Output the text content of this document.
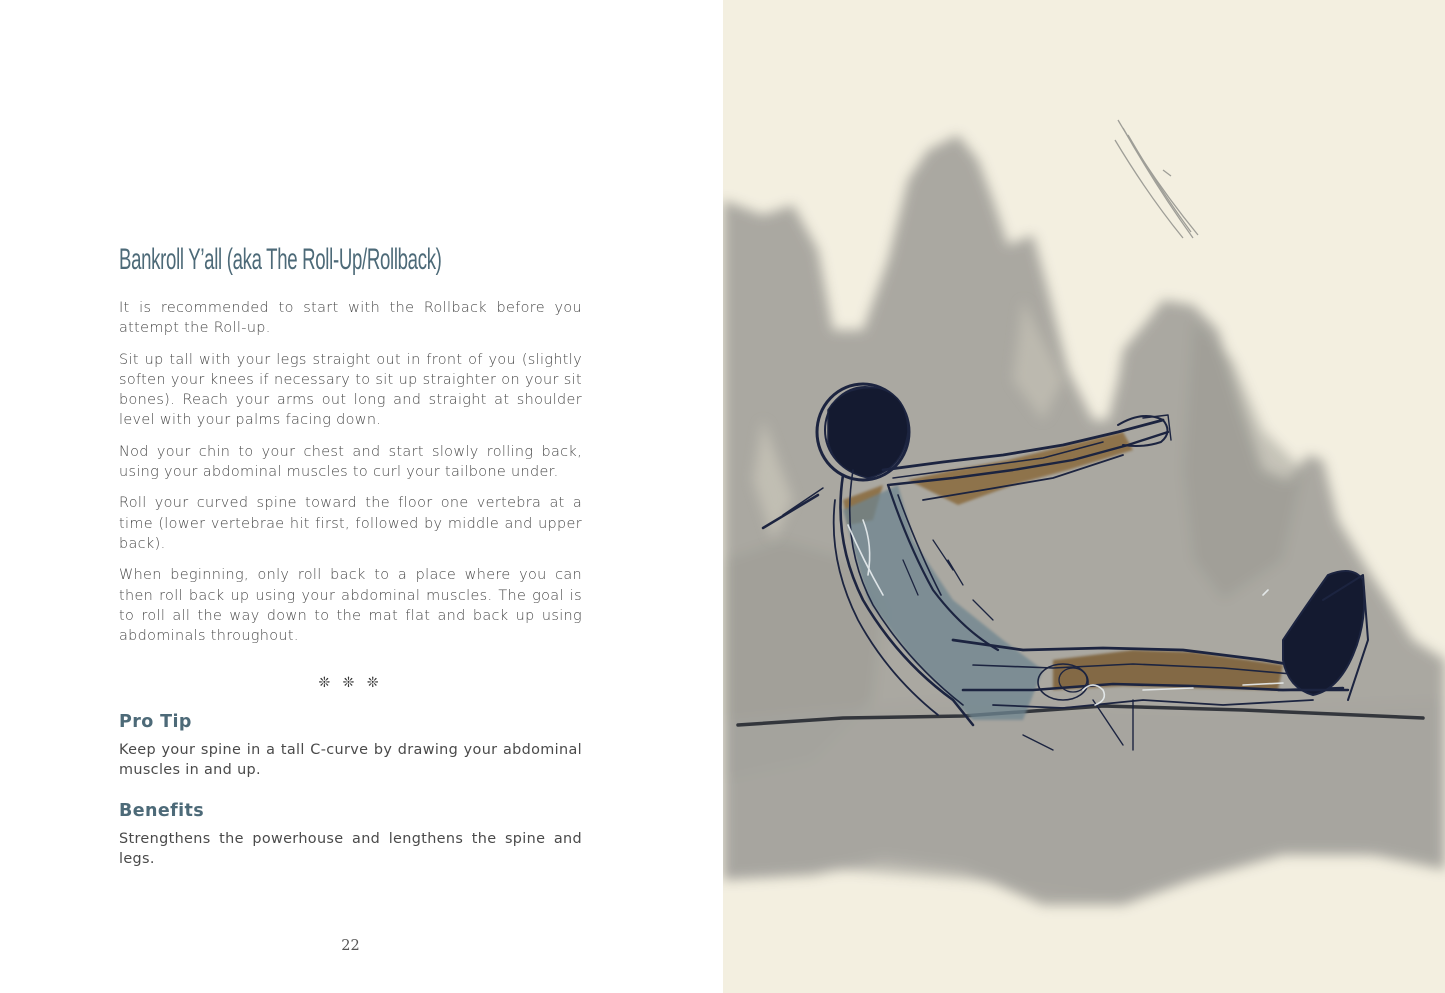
Bankroll Y’all (aka The Roll-Up/Rollback)

It is recommended to start with the Rollback before you attempt the Roll-up.

Sit up tall with your legs straight out in front of you (slightly soften your knees if necessary to sit up straighter on your sit bones). Reach your arms out long and straight at shoulder level with your palms facing down.

Nod your chin to your chest and start slowly rolling back, using your abdominal muscles to curl your tailbone under.

Roll your curved spine toward the floor one vertebra at a time (lower vertebrae hit first, followed by middle and upper back).

When beginning, only roll back to a place where you can then roll back up using your abdominal muscles. The goal is to roll all the way down to the mat flat and back up using abdominals throughout.

❊ ❊ ❊
Pro Tip

Keep your spine in a tall C-curve by drawing your abdominal muscles in and up.

Benefits

Strengthens the powerhouse and lengthens the spine and legs.

22
